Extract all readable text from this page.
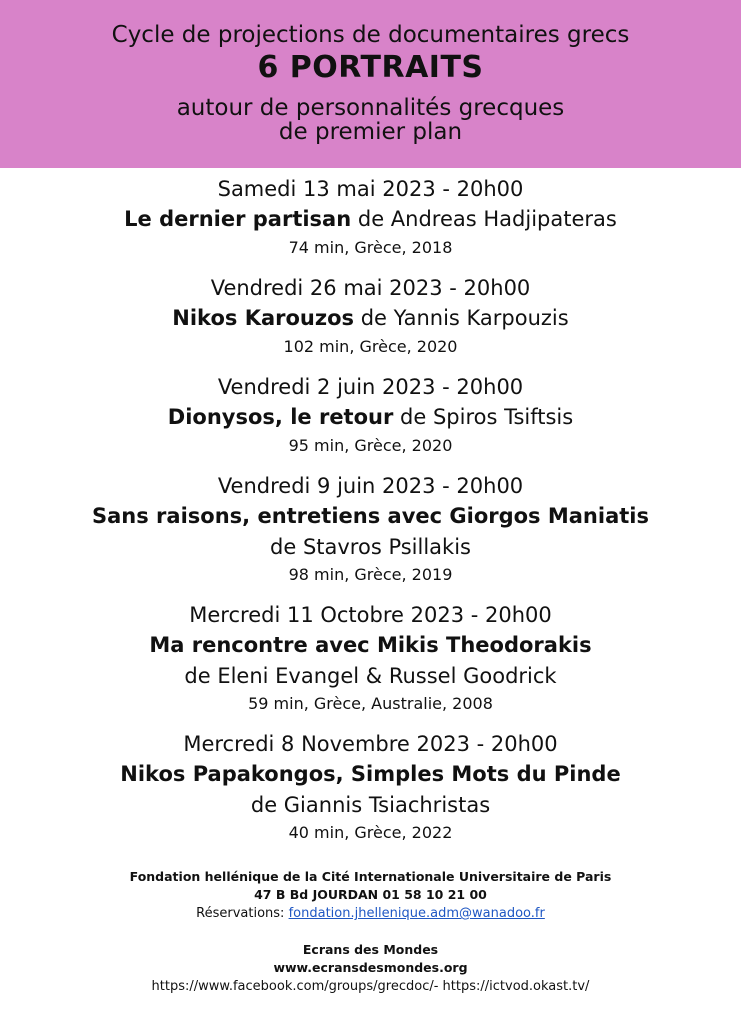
Cycle de projections de documentaires grecs
6 PORTRAITS
autour de personnalités grecques
de premier plan
Samedi 13 mai 2023 - 20h00
Le dernier partisan de Andreas Hadjipateras
74 min, Grèce, 2018
Vendredi 26 mai 2023 - 20h00
Nikos Karouzos de Yannis Karpouzis
102 min, Grèce, 2020
Vendredi 2 juin 2023 - 20h00
Dionysos, le retour de Spiros Tsiftsis
95 min, Grèce, 2020
Vendredi 9 juin 2023 - 20h00
Sans raisons, entretiens avec Giorgos Maniatis
de Stavros Psillakis
98 min, Grèce, 2019
Mercredi 11 Octobre 2023 - 20h00
Ma rencontre avec Mikis Theodorakis
de Eleni Evangel & Russel Goodrick
59 min, Grèce, Australie, 2008
Mercredi 8 Novembre 2023 - 20h00
Nikos Papakongos, Simples Mots du Pinde
de Giannis Tsiachristas
40 min, Grèce, 2022
Fondation hellénique de la Cité Internationale Universitaire de Paris
47 B Bd JOURDAN 01 58 10 21 00
Réservations: fondation.jhellenique.adm@wanadoo.fr
Ecrans des Mondes
www.ecransdesmondes.org
https://www.facebook.com/groups/grecdoc/- https://ictvod.okast.tv/
